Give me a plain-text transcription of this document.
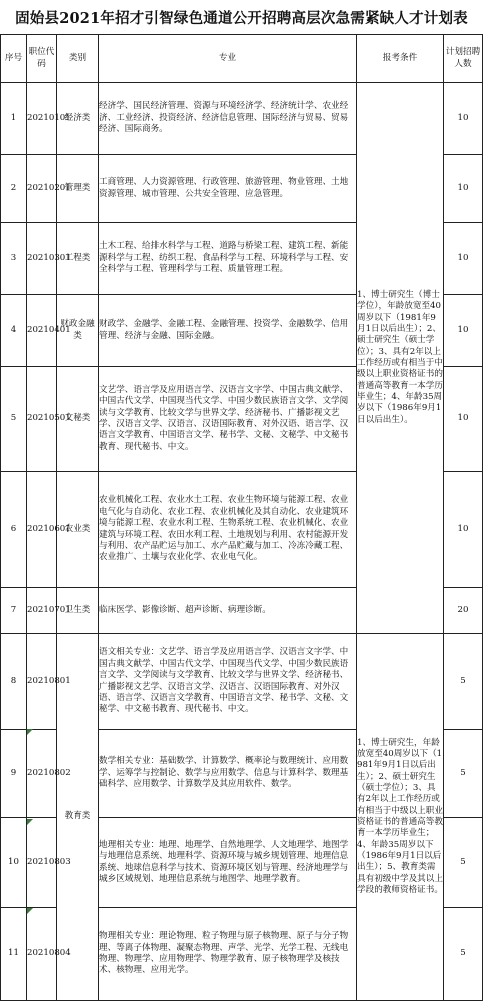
固始县2021年招才引智绿色通道公开招聘高层次急需紧缺人才计划表
序号	职位代码	类别	专业	报考条件	计划招聘人数
1	20210101	经济类	经济学、国民经济管理、资源与环境经济学、经济统计学、农业经济、工业经济、投资经济、经济信息管理、国际经济与贸易、贸易经济、国际商务。	1、博士研究生（博士学位），年龄放宽至40周岁以下（1981年9月1日以后出生）；2、硕士研究生（硕士学位）；3、具有2年以上工作经历或有相当于中级以上职业资格证书的普通高等教育一本学历毕业生；4、年龄35周岁以下（1986年9月1日以后出生）。	10
2	20210201	管理类	工商管理、人力资源管理、行政管理、旅游管理、物业管理、土地资源管理、城市管理、公共安全管理、应急管理。		10
3	20210301	工程类	土木工程、给排水科学与工程、道路与桥梁工程、建筑工程、新能源科学与工程、纺织工程、食品科学与工程、环境科学与工程、安全科学与工程、管理科学与工程、质量管理工程。		10
4	20210401	财政金融类	财政学、金融学、金融工程、金融管理、投资学、金融数学、信用管理、经济与金融、国际金融。		10
5	20210501	文秘类	文艺学、语言学及应用语言学、汉语言文字学、中国古典文献学、中国古代文学、中国现当代文学、中国少数民族语言文学、文学阅读与文学教育、比较文学与世界文学、经济秘书、广播影视文艺学、汉语言文学、汉语言、汉语国际教育、对外汉语、语言学、汉语言文学教育、中国语言文学、秘书学、文秘、文秘学、中文秘书教育、现代秘书、中文。		10
6	20210601	农业类	农业机械化工程、农业水土工程、农业生物环境与能源工程、农业电气化与自动化、农业工程、农业机械化及其自动化、农业建筑环境与能源工程、农业水利工程、生物系统工程、农业机械化、农业建筑与环境工程、农田水利工程、土地规划与利用、农村能源开发与利用、农产品贮运与加工、水产品贮藏与加工、冷冻冷藏工程、农业推广、土壤与农业化学、农业电气化。		10
7	20210701	卫生类	临床医学、影像诊断、超声诊断、病理诊断。		20
8	20210801	教育类	语文相关专业：文艺学、语言学及应用语言学、汉语言文字学、中国古典文献学、中国古代文学、中国现当代文学、中国少数民族语言文学、文学阅读与文学教育、比较文学与世界文学、经济秘书、广播影视文艺学、汉语言文学、汉语言、汉语国际教育、对外汉语、语言学、汉语言文学教育、中国语言文学、秘书学、文秘、文秘学、中文秘书教育、现代秘书、中文。	1、博士研究生，年龄放宽至40周岁以下（1981年9月1日以后出生）；2、硕士研究生（硕士学位）；3、具有2年以上工作经历或有相当于中级以上职业资格证书的普通高等教育一本学历毕业生；4、年龄35周岁以下（1986年9月1日以后出生）；5、教育类需具有初级中学及其以上学段的教师资格证书。	5
9	20210802		数学相关专业：基础数学、计算数学、概率论与数理统计、应用数学、运筹学与控制论、数学与应用数学、信息与计算科学、数理基础科学、应用数学、计算数学及其应用软件、数学。		5
10	20210803		地理相关专业：地理、地理学、自然地理学、人文地理学、地图学与地理信息系统、地理科学、资源环境与城乡规划管理、地理信息系统、地球信息科学与技术、资源环境区划与管理、经济地理学与城乡区域规划、地理信息系统与地图学、地理学教育。		5
11	20210804		物理相关专业：理论物理、粒子物理与原子核物理、原子与分子物理、等离子体物理、凝聚态物理、声学、光学、光学工程、无线电物理、物理学、应用物理学、物理学教育、原子核物理学及核技术、核物理、应用光学。		5
